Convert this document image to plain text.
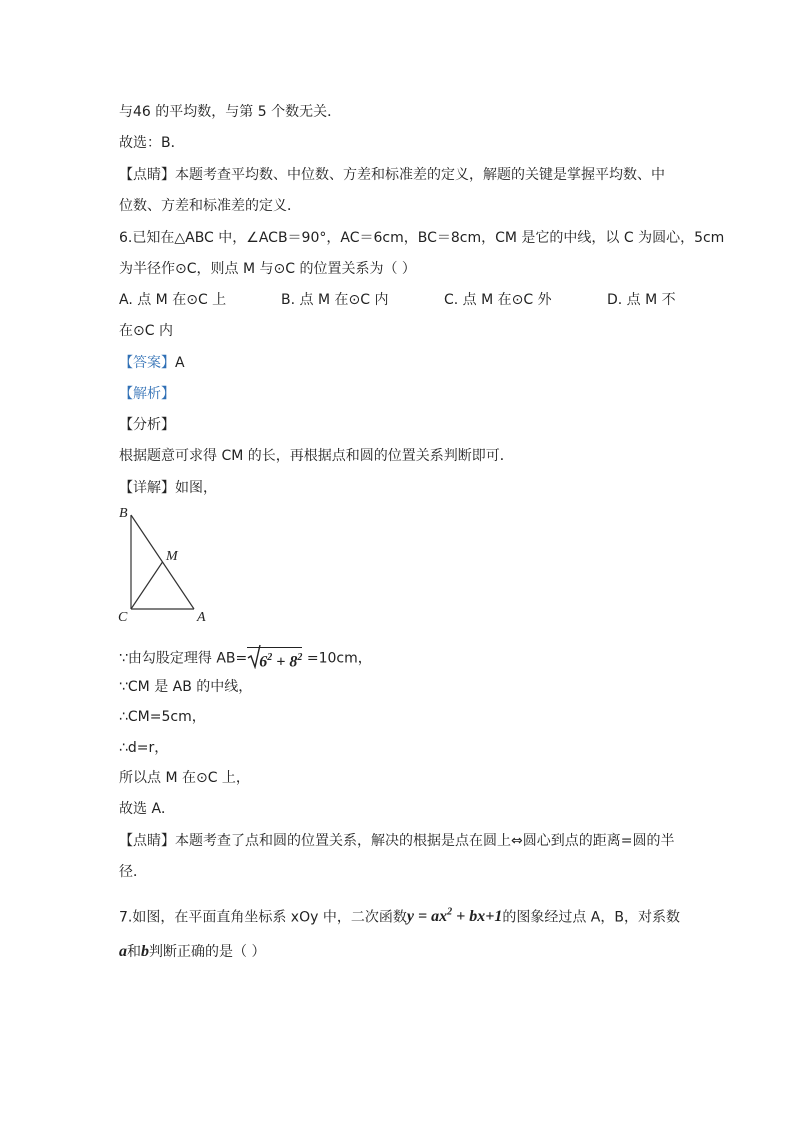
与46 的平均数，与第 5 个数无关．
故选：B．
【点睛】本题考查平均数、中位数、方差和标准差的定义，解题的关键是掌握平均数、中
位数、方差和标准差的定义．
6.已知在△ABC 中，∠ACB＝90°，AC＝6cm，BC＝8cm，CM 是它的中线，以 C 为圆心，5cm
为半径作⊙C，则点 M 与⊙C 的位置关系为（ ）
A. 点 M 在⊙C 上	B. 点 M 在⊙C 内	C. 点 M 在⊙C 外	D. 点 M 不
在⊙C 内
【答案】A
【解析】
【分析】
根据题意可求得 CM 的长，再根据点和圆的位置关系判断即可．
【详解】如图，
B
M
C	A
∵由勾股定理得 $AB= 6^2 + 8^2 =10cm$，
∵CM 是 AB 的中线，
∴CM=5cm，
∴d=r，
所以点 M 在⊙C 上，
故选 A．
【点睛】本题考查了点和圆的位置关系，解决的根据是点在圆上⇔圆心到点的距离=圆的半
径．
7.如图，在平面直角坐标系 xOy 中，二次函数$y = ax^2 + bx+1$的图象经过点 A，B，对系数
a和b判断正确的是（ ）
